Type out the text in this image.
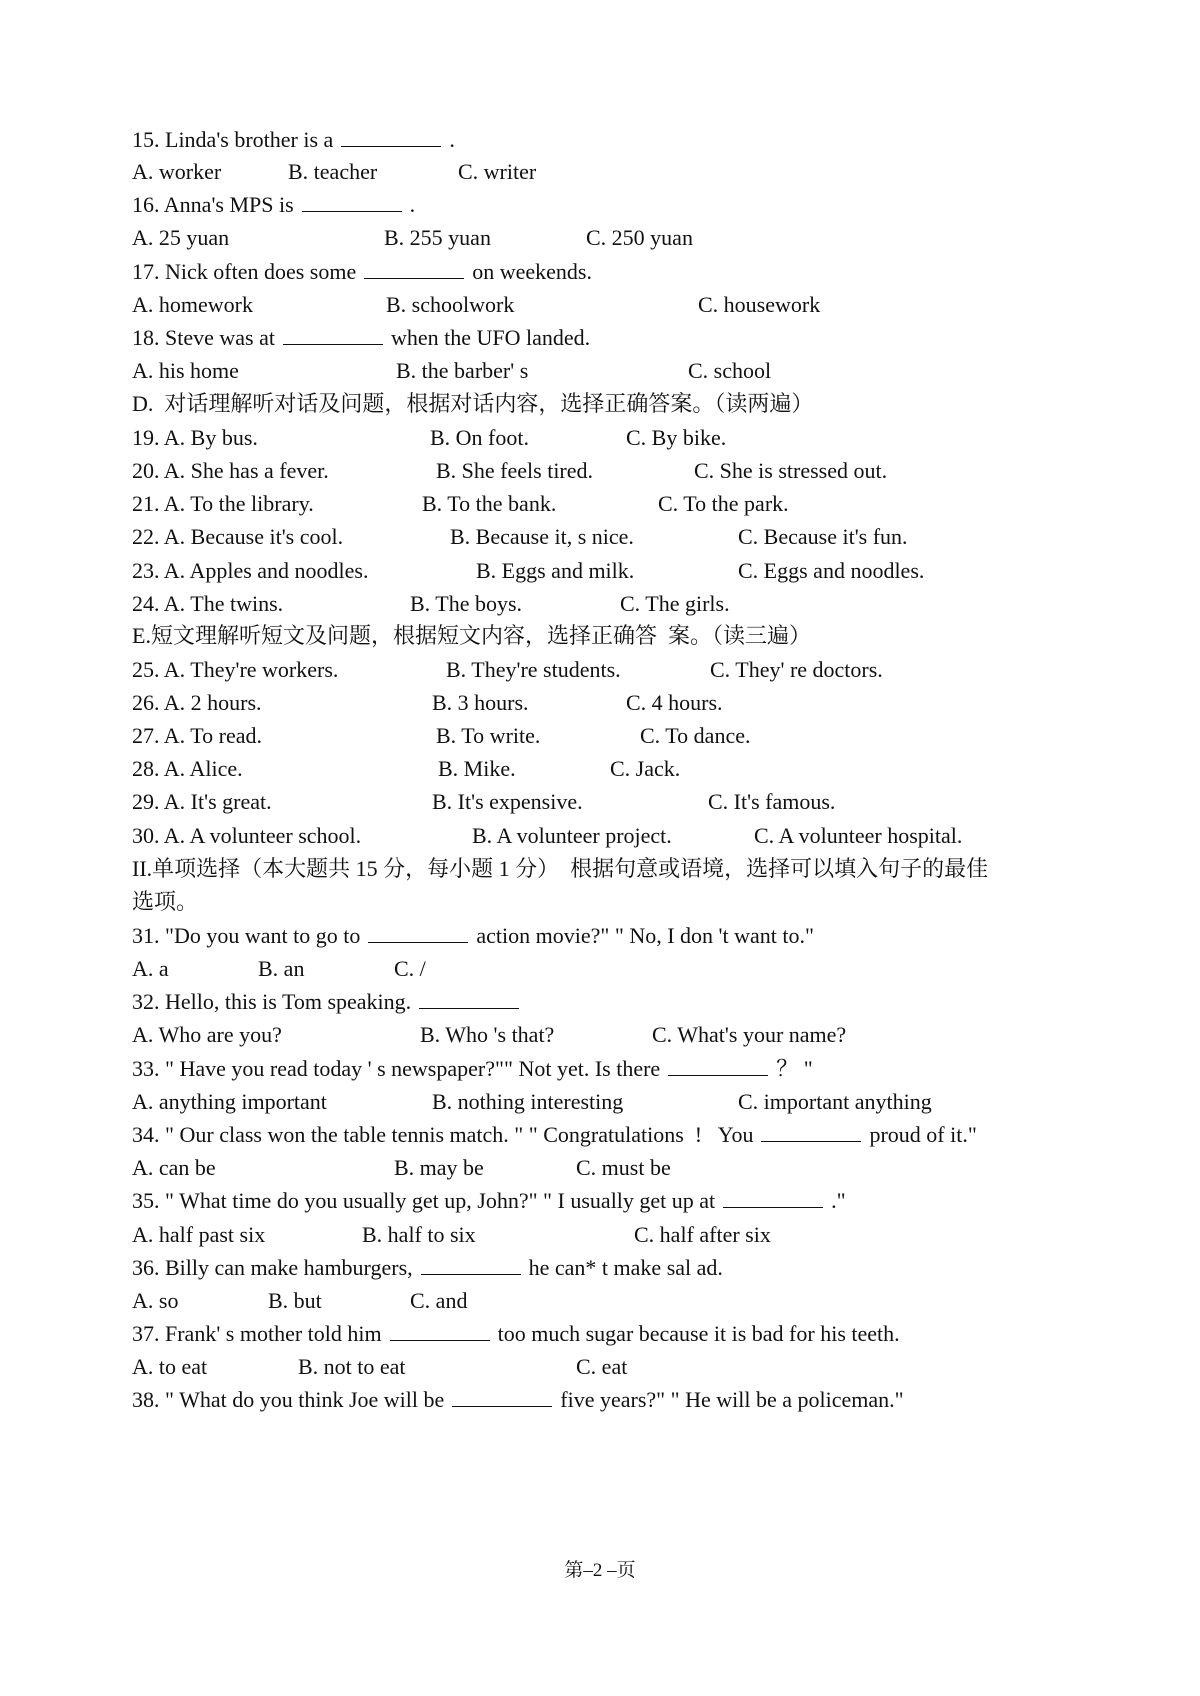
15. Linda's brother is a	.
A. worker	B. teacher	C. writer
16. Anna's MPS is	.
A. 25 yuan	B. 255 yuan	C. 250 yuan
17. Nick often does some	on weekends.
A. homework	B. schoolwork	C. housework
18. Steve was at	when the UFO landed.
A. his home	B. the barber' s	C. school
D.  对话理解听对话及问题，根据对话内容，选择正确答案。（读两遍）
19. A. By bus.	B. On foot.	C. By bike.
20. A. She has a fever.	B. She feels tired.	C. She is stressed out.
21. A. To the library.	B. To the bank.	C. To the park.
22. A. Because it's cool.	B. Because it, s nice.	C. Because it's fun.
23. A. Apples and noodles.	B. Eggs and milk.	C. Eggs and noodles.
24. A. The twins.	B. The boys.	C. The girls.
E.短文理解听短文及问题，根据短文内容，选择正确答  案。（读三遍）
25. A. They're workers.	B. They're students.	C. They' re doctors.
26. A. 2 hours.	B. 3 hours.	C. 4 hours.
27. A. To read.	B. To write.	C. To dance.
28. A. Alice.	B. Mike.	C. Jack.
29. A. It's great.	B. It's expensive.	C. It's famous.
30. A. A volunteer school.	B. A volunteer project.	C. A volunteer hospital.
II.单项选择（本大题共 15 分，每小题 1 分）  根据句意或语境，选择可以填入句子的最佳
选项。
31. "Do you want to go to	action movie?" " No, I don 't want to."
A. a	B. an	C. /
32. Hello, this is Tom speaking.
A. Who are you?	B. Who 's that?	C. What's your name?
33. " Have you read today ' s newspaper?"" Not yet. Is there	？ "
A. anything important	B. nothing interesting	C. important anything
34. " Our class won the table tennis match. " " Congratulations  !   You	proud of it."
A. can be	B. may be	C. must be
35. " What time do you usually get up, John?" " I usually get up at	."
A. half past six	B. half to six	C. half after six
36. Billy can make hamburgers,	he can* t make sal ad.
A. so	B. but	C. and
37. Frank' s mother told him	too much sugar because it is bad for his teeth.
A. to eat	B. not to eat	C. eat
38. " What do you think Joe will be	five years?" " He will be a policeman."
第–2 –页
